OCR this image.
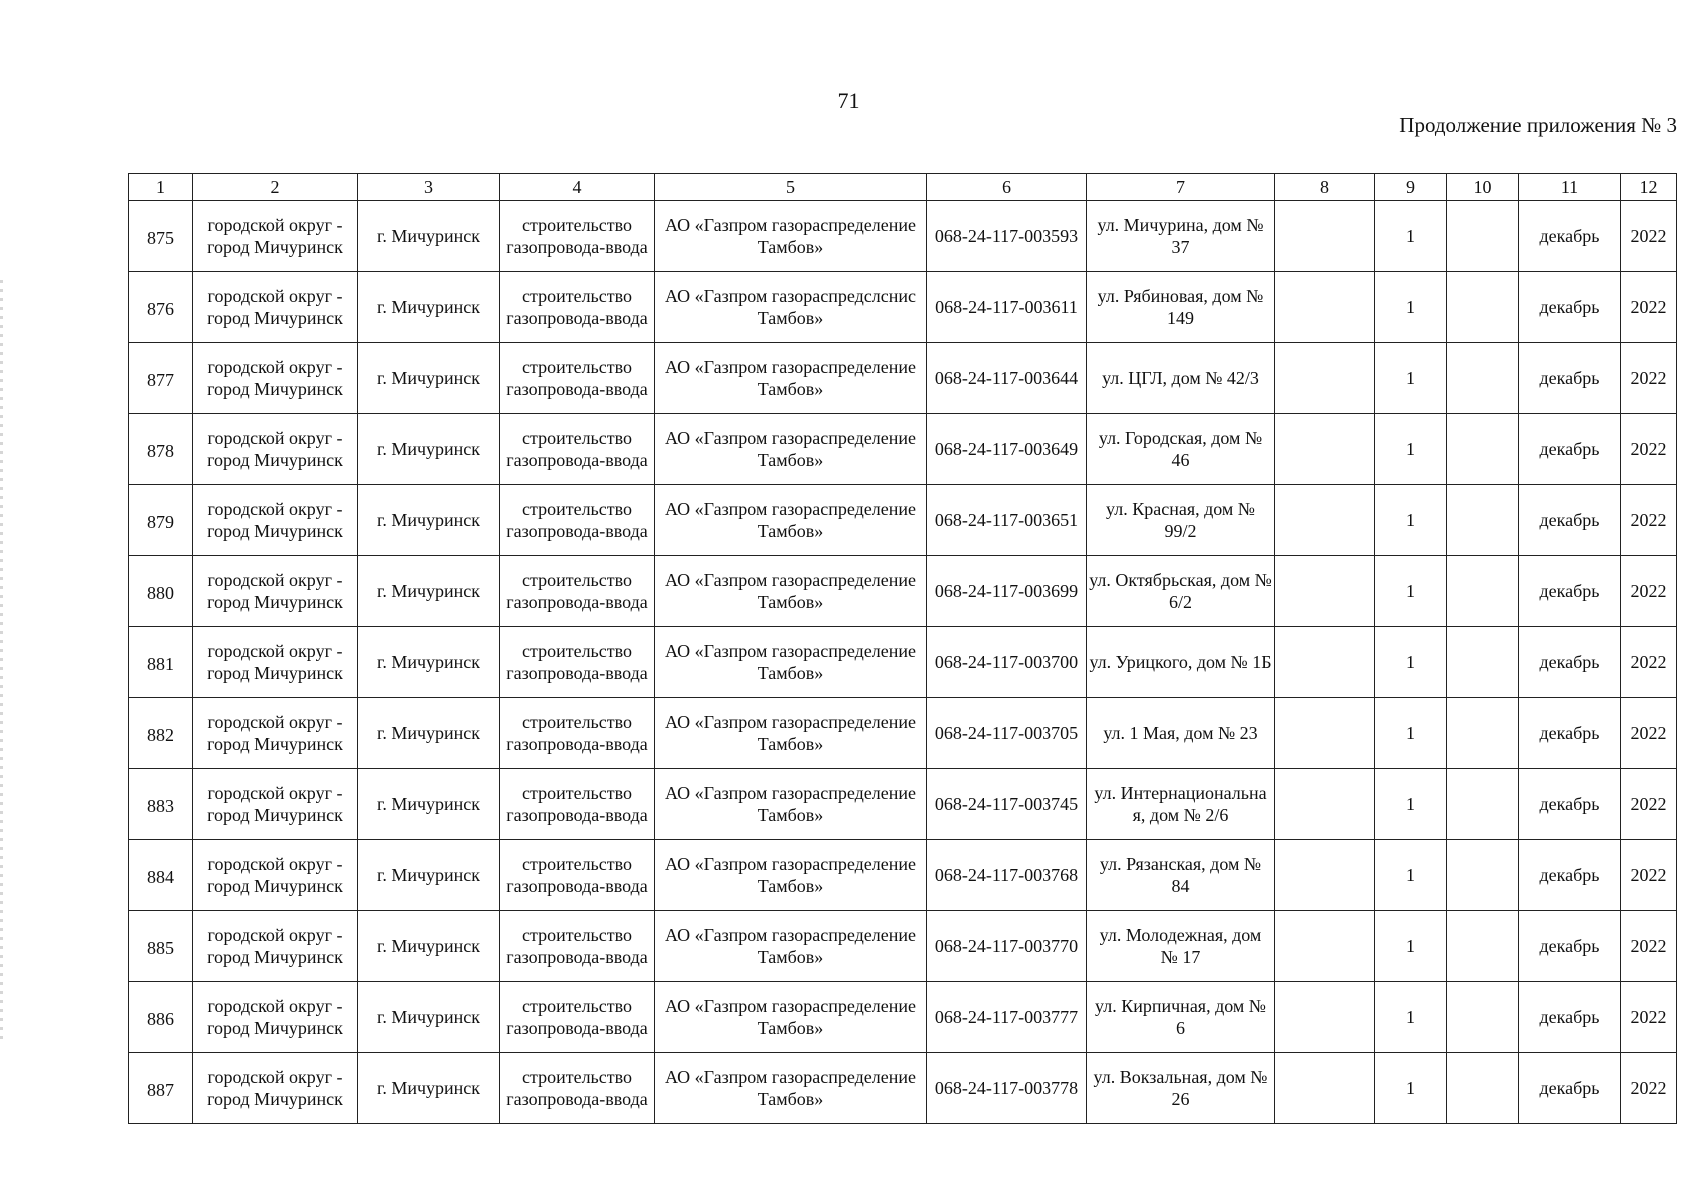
71
Продолжение приложения № 3
1	2	3	4	5	6	7	8	9	10	11	12
875	городской округ - город Мичуринск	г. Мичуринск	строительство газопровода-ввода	АО «Газпром газораспределение Тамбов»	068-24-117-003593	ул. Мичурина, дом № 37		1		декабрь	2022
876	городской округ - город Мичуринск	г. Мичуринск	строительство газопровода-ввода	АО «Газпром газораспредслснис Тамбов»	068-24-117-003611	ул. Рябиновая, дом № 149		1		декабрь	2022
877	городской округ - город Мичуринск	г. Мичуринск	строительство газопровода-ввода	АО «Газпром газораспределение Тамбов»	068-24-117-003644	ул. ЦГЛ, дом № 42/3		1		декабрь	2022
878	городской округ - город Мичуринск	г. Мичуринск	строительство газопровода-ввода	АО «Газпром газораспределение Тамбов»	068-24-117-003649	ул. Городская, дом № 46		1		декабрь	2022
879	городской округ - город Мичуринск	г. Мичуринск	строительство газопровода-ввода	АО «Газпром газораспределение Тамбов»	068-24-117-003651	ул. Красная, дом № 99/2		1		декабрь	2022
880	городской округ - город Мичуринск	г. Мичуринск	строительство газопровода-ввода	АО «Газпром газораспределение Тамбов»	068-24-117-003699	ул. Октябрьская, дом № 6/2		1		декабрь	2022
881	городской округ - город Мичуринск	г. Мичуринск	строительство газопровода-ввода	АО «Газпром газораспределение Тамбов»	068-24-117-003700	ул. Урицкого, дом № 1Б		1		декабрь	2022
882	городской округ - город Мичуринск	г. Мичуринск	строительство газопровода-ввода	АО «Газпром газораспределение Тамбов»	068-24-117-003705	ул. 1 Мая, дом № 23		1		декабрь	2022
883	городской округ - город Мичуринск	г. Мичуринск	строительство газопровода-ввода	АО «Газпром газораспределение Тамбов»	068-24-117-003745	ул. Интернациональна я, дом № 2/6		1		декабрь	2022
884	городской округ - город Мичуринск	г. Мичуринск	строительство газопровода-ввода	АО «Газпром газораспределение Тамбов»	068-24-117-003768	ул. Рязанская, дом № 84		1		декабрь	2022
885	городской округ - город Мичуринск	г. Мичуринск	строительство газопровода-ввода	АО «Газпром газораспределение Тамбов»	068-24-117-003770	ул. Молодежная, дом № 17		1		декабрь	2022
886	городской округ - город Мичуринск	г. Мичуринск	строительство газопровода-ввода	АО «Газпром газораспределение Тамбов»	068-24-117-003777	ул. Кирпичная, дом № 6		1		декабрь	2022
887	городской округ - город Мичуринск	г. Мичуринск	строительство газопровода-ввода	АО «Газпром газораспределение Тамбов»	068-24-117-003778	ул. Вокзальная, дом № 26		1		декабрь	2022
